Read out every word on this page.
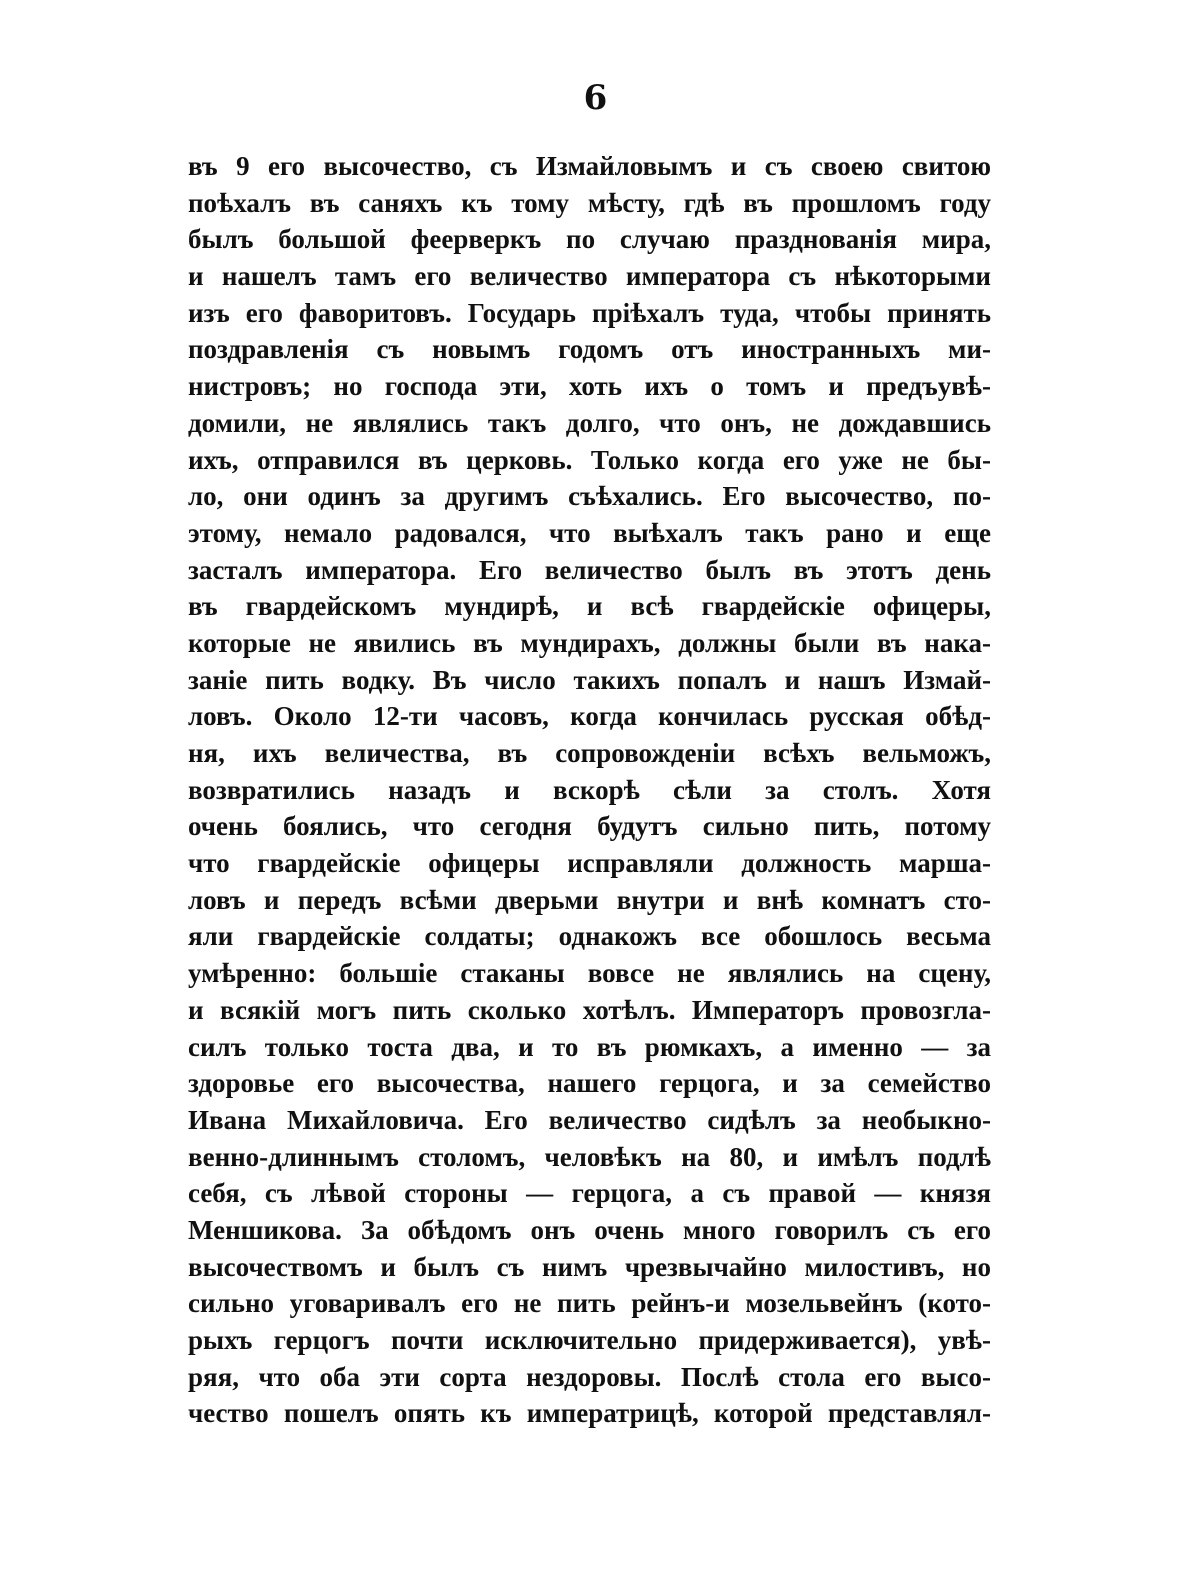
6
въ 9 его высочество, съ Измайловымъ и съ своею свитою
поѣхалъ въ саняхъ къ тому мѣсту, гдѣ въ прошломъ году
былъ большой феерверкъ по случаю празднованія мира,
и нашелъ тамъ его величество императора съ нѣкоторыми
изъ его фаворитовъ. Государь пріѣхалъ туда, чтобы принять
поздравленія съ новымъ годомъ отъ иностранныхъ ми-
нистровъ; но господа эти, хоть ихъ о томъ и предъувѣ-
домили, не являлись такъ долго, что онъ, не дождавшись
ихъ, отправился въ церковь. Только когда его уже не бы-
ло, они одинъ за другимъ съѣхались. Его высочество, по-
этому, немало радовался, что выѣхалъ такъ рано и еще
засталъ императора. Его величество былъ въ этотъ день
въ гвардейскомъ мундирѣ, и всѣ гвардейскіе офицеры,
которые не явились въ мундирахъ, должны были въ нака-
заніе пить водку. Въ число такихъ попалъ и нашъ Измай-
ловъ. Около 12-ти часовъ, когда кончилась русская обѣд-
ня, ихъ величества, въ сопровожденіи всѣхъ вельможъ,
возвратились назадъ и вскорѣ сѣли за столъ. Хотя
очень боялись, что сегодня будутъ сильно пить, потому
что гвардейскіе офицеры исправляли должность марша-
ловъ и передъ всѣми дверьми внутри и внѣ комнатъ сто-
яли гвардейскіе солдаты; однакожъ все обошлось весьма
умѣренно: большіе стаканы вовсе не являлись на сцену,
и всякій могъ пить сколько хотѣлъ. Императоръ провозгла-
силъ только тоста два, и то въ рюмкахъ, а именно — за
здоровье его высочества, нашего герцога, и за семейство
Ивана Михайловича. Его величество сидѣлъ за необыкно-
венно-длиннымъ столомъ, человѣкъ на 80, и имѣлъ подлѣ
себя, съ лѣвой стороны — герцога, а съ правой — князя
Меншикова. За обѣдомъ онъ очень много говорилъ съ его
высочествомъ и былъ съ нимъ чрезвычайно милостивъ, но
сильно уговаривалъ его не пить рейнъ-и мозельвейнъ (кото-
рыхъ герцогъ почти исключительно придерживается), увѣ-
ряя, что оба эти сорта нездоровы. Послѣ стола его высо-
чество пошелъ опять къ императрицѣ, которой представлял-
